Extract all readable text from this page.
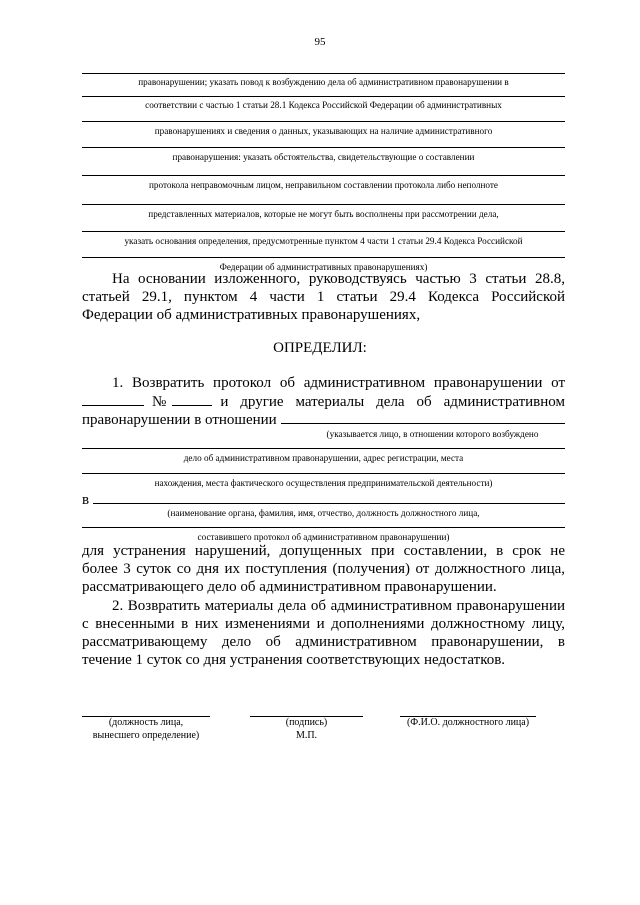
95
правонарушении; указать повод к возбуждению дела об административном правонарушении в
соответствии с частью 1 статьи 28.1 Кодекса Российской Федерации об административных
правонарушениях и сведения о данных, указывающих на наличие административного
правонарушения: указать обстоятельства, свидетельствующие о составлении
протокола неправомочным лицом, неправильном составлении протокола либо неполноте
представленных материалов, которые не могут быть восполнены при рассмотрении дела,
указать основания определения, предусмотренные пунктом 4 части 1 статьи 29.4 Кодекса Российской
Федерации об административных правонарушениях)
На основании изложенного, руководствуясь частью 3 статьи 28.8,
статьей 29.1, пунктом 4 части 1 статьи 29.4 Кодекса Российской
Федерации об административных правонарушениях,
ОПРЕДЕЛИЛ:
1. Возвратить протокол об административном правонарушении от
№	и другие материалы дела об административном
правонарушении в отношении
(указывается лицо, в отношении которого возбуждено
дело об административном правонарушении, адрес регистрации, места
нахождения, места фактического осуществления предпринимательской деятельности)
в
(наименование органа, фамилия, имя, отчество, должность должностного лица,
составившего протокол об административном правонарушении)
для устранения нарушений, допущенных при составлении, в срок не
более 3 суток со дня их поступления (получения) от должностного лица,
рассматривающего дело об административном правонарушении.
2. Возвратить материалы дела об административном правонарушении
с внесенными в них изменениями и дополнениями должностному лицу,
рассматривающему дело об административном правонарушении, в
течение 1 суток со дня устранения соответствующих недостатков.
(должность лица,
вынесшего определение)
(подпись)
М.П.
(Ф.И.О. должностного лица)
